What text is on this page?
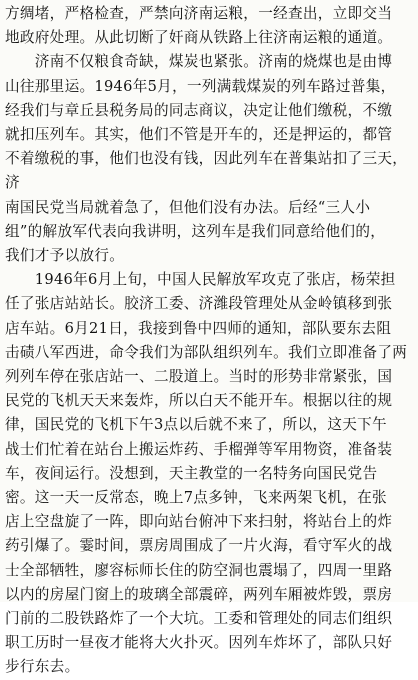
方绸堵，严格检查，严禁向济南运粮，一经查出，立即交当
地政府处理。从此切断了奸商从铁路上往济南运粮的通道。

　　济南不仅粮食奇缺，煤炭也紧张。济南的烧煤也是由博
山往那里运。1946年5月，一列满载煤炭的列车路过普集，
经我们与章丘县税务局的同志商议，决定让他们缴税，不缴
就扣压列车。其实，他们不管是开车的，还是押运的，都管
不着缴税的事，他们也没有钱，因此列车在普集站扣了三天，济
南国民党当局就着急了，但他们没有办法。后经“三人小
组”的解放军代表向我讲明，这列车是我们同意给他们的，
我们才予以放行。

　　1946年6月上旬，中国人民解放军攻克了张店，杨荣担
任了张店站站长。胶济工委、济潍段管理处从金岭镇移到张
店车站。6月21日，我接到鲁中四师的通知，部队要东去阻
击碛八军西进，命令我们为部队组织列车。我们立即准备了两
列列车停在张店站一、二股道上。当时的形势非常紧张，国
民党的飞机天天来轰炸，所以白天不能开车。根据以往的规
律，国民党的飞机下午3点以后就不来了，所以，这天下午
战士们忙着在站台上搬运炸药、手榴弹等军用物资，准备装
车，夜间运行。没想到，天主教堂的一名特务向国民党告
密。这一天一反常态，晚上7点多钟，飞来两架飞机，在张
店上空盘旋了一阵，即向站台俯冲下来扫射，将站台上的炸
药引爆了。霎时间，票房周围成了一片火海，看守军火的战
士全部牺牲，廖容标师长住的防空洞也震塌了，四周一里路
以内的房屋门窗上的玻璃全部震碎，两列车厢被炸毁，票房
门前的二股铁路炸了一个大坑。工委和管理处的同志们组织
职工历时一昼夜才能将大火扑灭。因列车炸坏了，部队只好
步行东去。
